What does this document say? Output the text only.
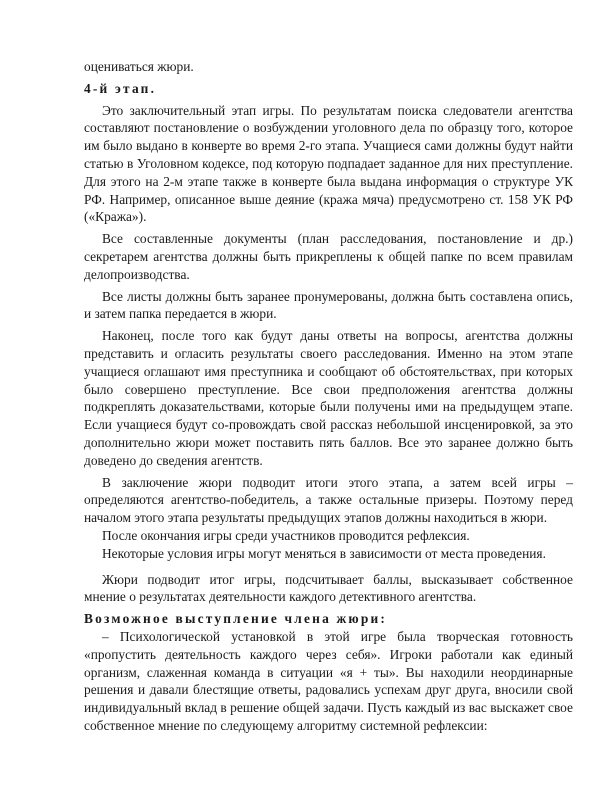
оцениваться жюри.

4-й этап.

Это заключительный этап игры. По результатам поиска следователи агентства составляют постановление о возбуждении уголовного дела по образцу того, которое им было выдано в конверте во время 2-го этапа. Учащиеся сами должны будут найти статью в Уголовном кодексе, под которую подпадает заданное для них преступление. Для этого на 2-м этапе также в конверте была выдана информация о структуре УК РФ. Например, описанное выше деяние (кража мяча) предусмотрено ст. 158 УК РФ («Кража»).

Все составленные документы (план расследования, постановление и др.) секретарем агентства должны быть прикреплены к общей папке по всем правилам делопроизводства.

Все листы должны быть заранее пронумерованы, должна быть составлена опись, и затем папка передается в жюри.

Наконец, после того как будут даны ответы на вопросы, агентства должны представить и огласить результаты своего расследования. Именно на этом этапе учащиеся оглашают имя преступника и сообщают об обстоятельствах, при которых было совершено преступление. Все свои предположения агентства должны подкреплять доказательствами, которые были получены ими на предыдущем этапе. Если учащиеся будут со-провождать свой рассказ небольшой инсценировкой, за это дополнительно жюри может поставить пять баллов. Все это заранее должно быть доведено до сведения агентств.

В заключение жюри подводит итоги этого этапа, а затем всей игры – определяются агентство-победитель, а также остальные призеры. Поэтому перед началом этого этапа результаты предыдущих этапов должны находиться в жюри.

После окончания игры среди участников проводится рефлексия.

Некоторые условия игры могут меняться в зависимости от места проведения.

Жюри подводит итог игры, подсчитывает баллы, высказывает собственное мнение о результатах деятельности каждого детективного агентства.

Возможное выступление члена жюри:

– Психологической установкой в этой игре была творческая готовность «пропустить деятельность каждого через себя». Игроки работали как единый организм, слаженная команда в ситуации «я + ты». Вы находили неординарные решения и давали блестящие ответы, радовались успехам друг друга, вносили свой индивидуальный вклад в решение общей задачи. Пусть каждый из вас выскажет свое собственное мнение по следующему алгоритму системной рефлексии:
